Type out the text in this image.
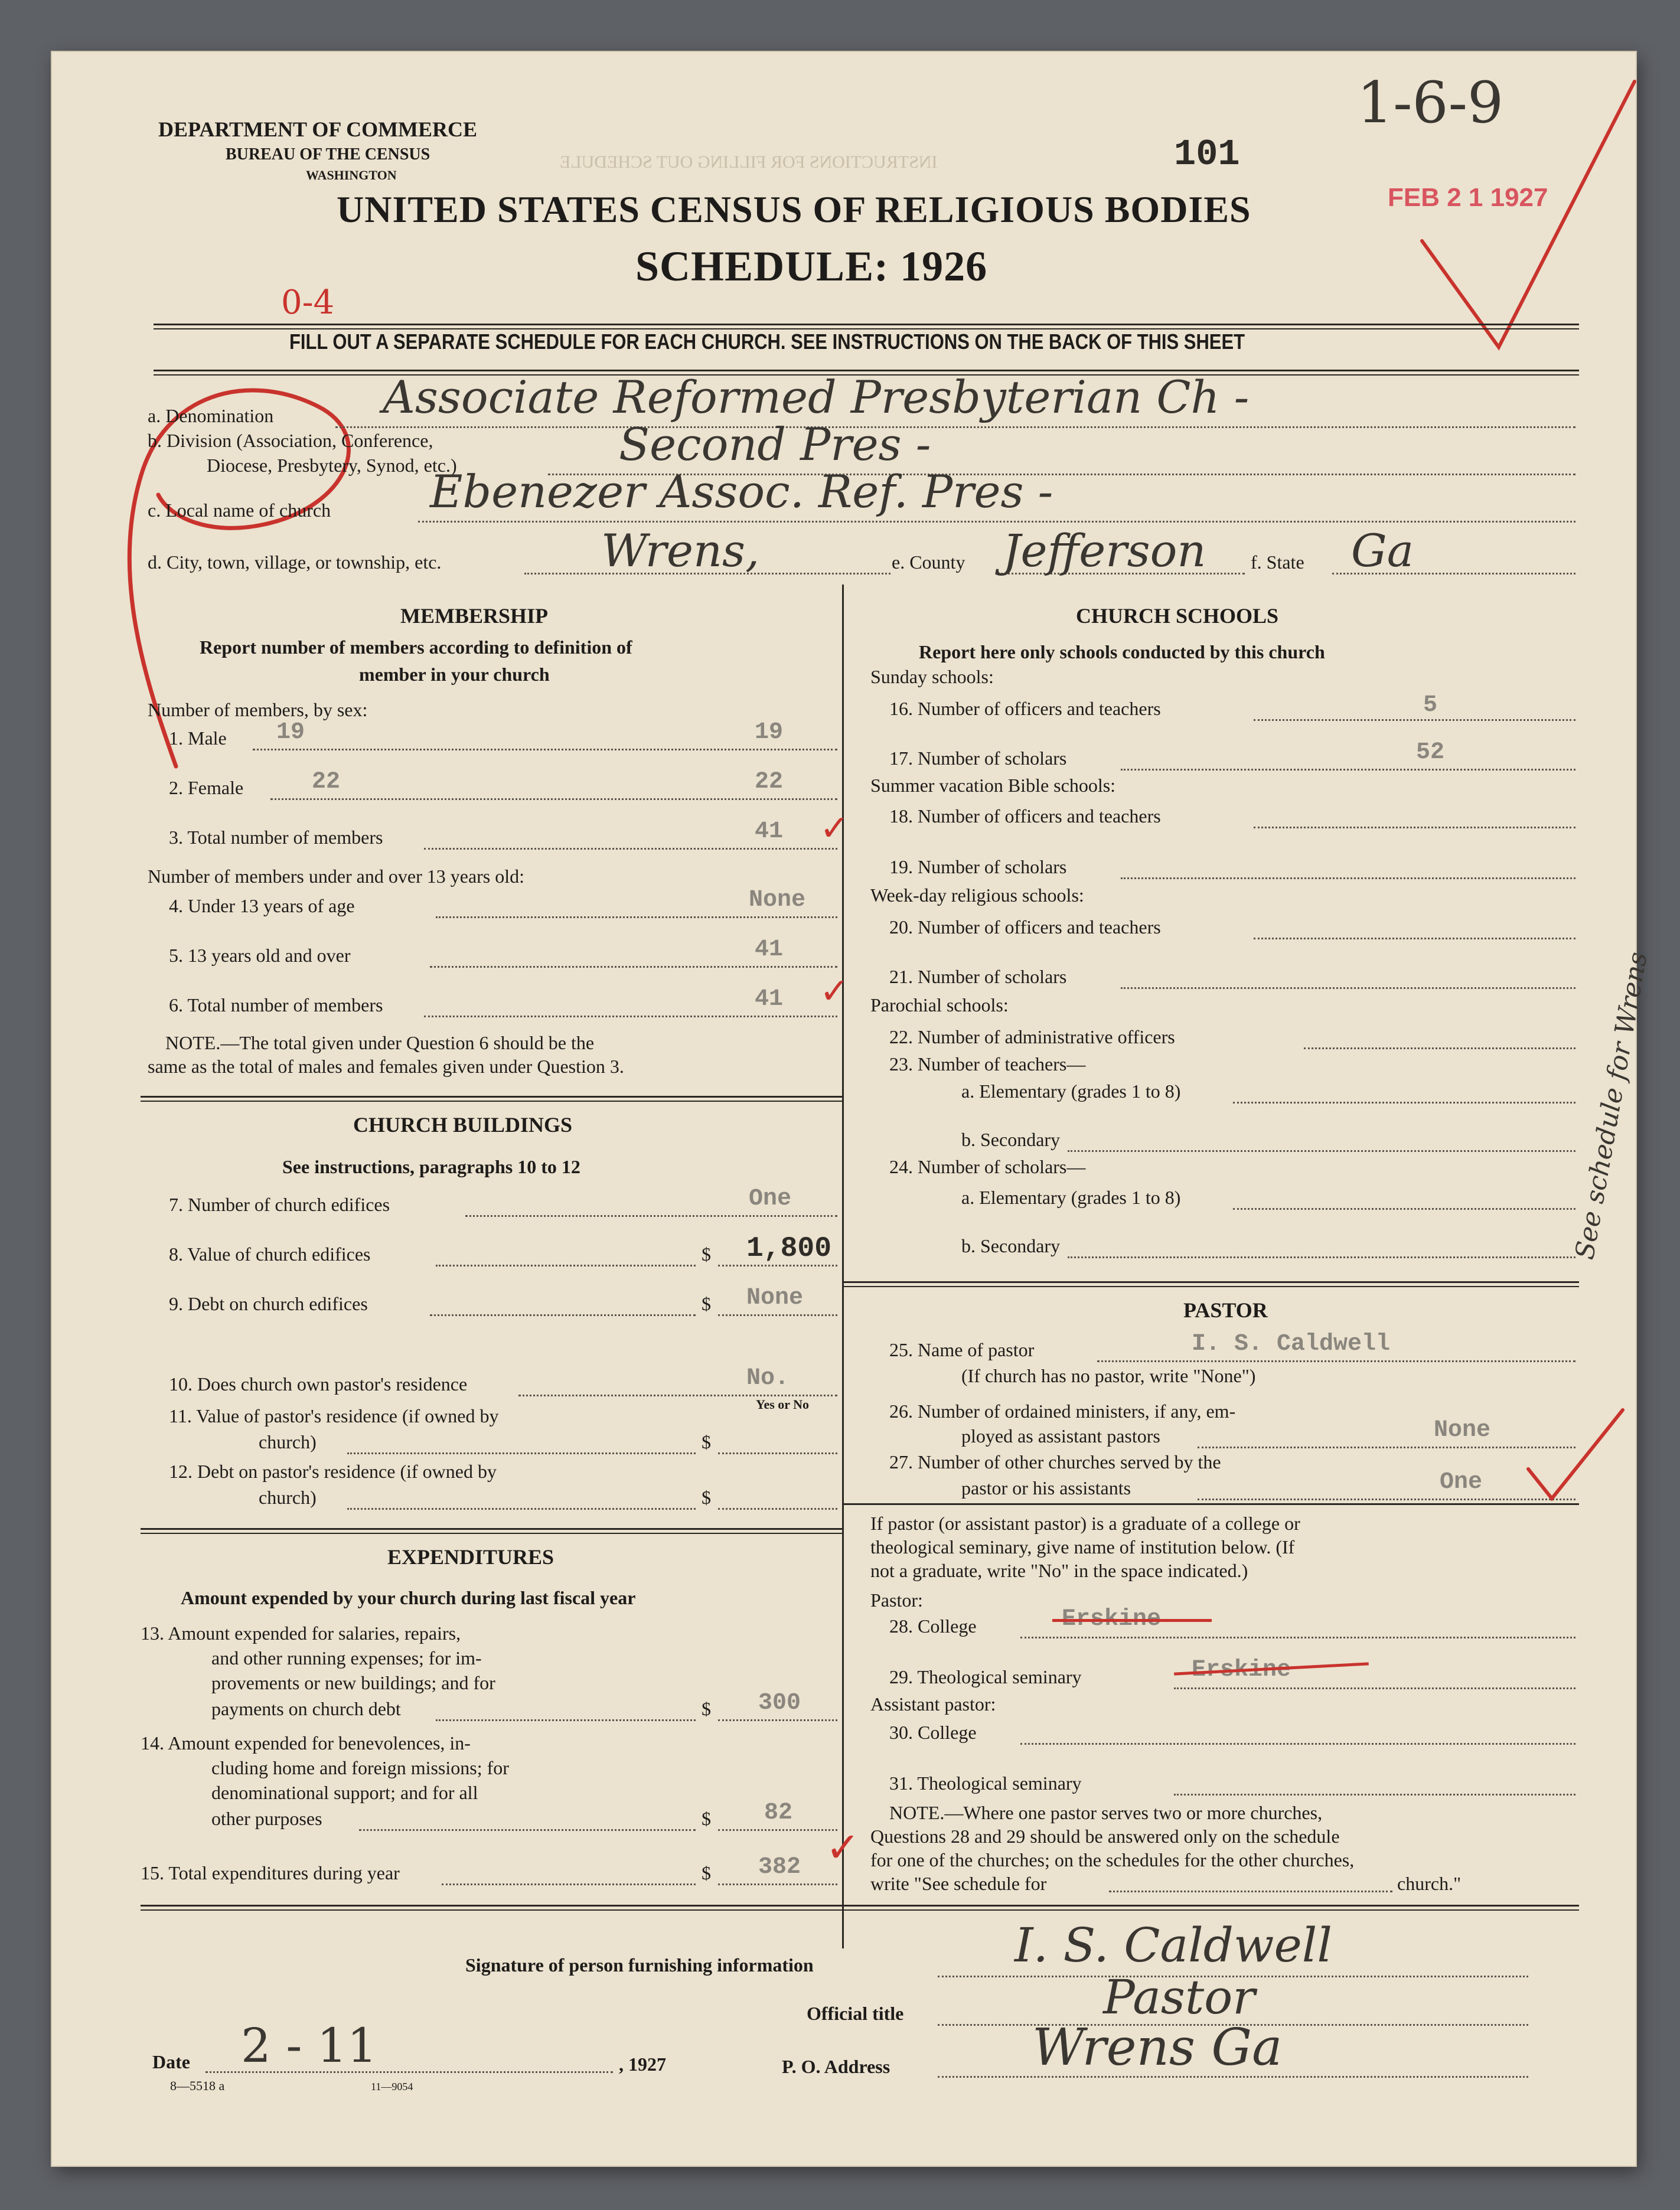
INSTRUCTIONS FOR FILLING OUT SCHEDULE
DEPARTMENT OF COMMERCE
BUREAU OF THE CENSUS
WASHINGTON	101
FEB 2 1 1927
1-6-9
UNITED STATES CENSUS OF RELIGIOUS BODIES
SCHEDULE: 1926
0-4
FILL OUT A SEPARATE SCHEDULE FOR EACH CHURCH. SEE INSTRUCTIONS ON THE BACK OF THIS SHEET
a. Denomination Associate Reformed Presbyterian Ch -
b. Division (Association, Conference,
Diocese, Presbytery, Synod, etc.)	Second Pres -
c. Local name of church Ebenezer Assoc. Ref. Pres -
d. City, town, village, or township, etc.	Wrens,	e. County Jefferson f. State Ga
MEMBERSHIP
Report number of members according to definition of
member in your church
Number of members, by sex:
1. Male 19	19
2. Female	22	22
3. Total number of members	41 ✓
Number of members under and over 13 years old:
4. Under 13 years of age	None
5. 13 years old and over	41
6. Total number of members	41 ✓
NOTE.—The total given under Question 6 should be the
same as the total of males and females given under Question 3.
CHURCH BUILDINGS
See instructions, paragraphs 10 to 12
7. Number of church edifices	One
8. Value of church edifices	$ 1,800
9. Debt on church edifices	$ None
10. Does church own pastor's residence	No.
Yes or No
11. Value of pastor's residence (if owned by
church)	$
12. Debt on pastor's residence (if owned by
church)	$
EXPENDITURES
Amount expended by your church during last fiscal year
13. Amount expended for salaries, repairs,
and other running expenses; for im-
provements or new buildings; and for
payments on church debt	$ 300
14. Amount expended for benevolences, in-
cluding home and foreign missions; for
denominational support; and for all
other purposes	$ 82
15. Total expenditures during year	$ 382 ✓
CHURCH SCHOOLS
Report here only schools conducted by this church
Sunday schools:
16. Number of officers and teachers	5
17. Number of scholars	52
Summer vacation Bible schools:
18. Number of officers and teachers
19. Number of scholars
Week-day religious schools:
20. Number of officers and teachers
21. Number of scholars
Parochial schools:
22. Number of administrative officers
23. Number of teachers—
a. Elementary (grades 1 to 8)
b. Secondary
24. Number of scholars—
a. Elementary (grades 1 to 8)
b. Secondary
PASTOR
25. Name of pastor	I. S. Caldwell
(If church has no pastor, write "None")
26. Number of ordained ministers, if any, em-
ployed as assistant pastors	None
27. Number of other churches served by the
pastor or his assistants	One
If pastor (or assistant pastor) is a graduate of a college or
theological seminary, give name of institution below. (If
not a graduate, write "No" in the space indicated.)
Pastor:
28. College	Erskine
29. Theological seminary	Erskine
Assistant pastor:
30. College
31. Theological seminary
NOTE.—Where one pastor serves two or more churches,
Questions 28 and 29 should be answered only on the schedule
for one of the churches; on the schedules for the other churches,
write "See schedule for	church."
See schedule for Wrens
Signature of person furnishing information	I. S. Caldwell
Official title	Pastor
Date 2 - 11	, 1927	P. O. Address	Wrens Ga
8—5518 a	11—9054
